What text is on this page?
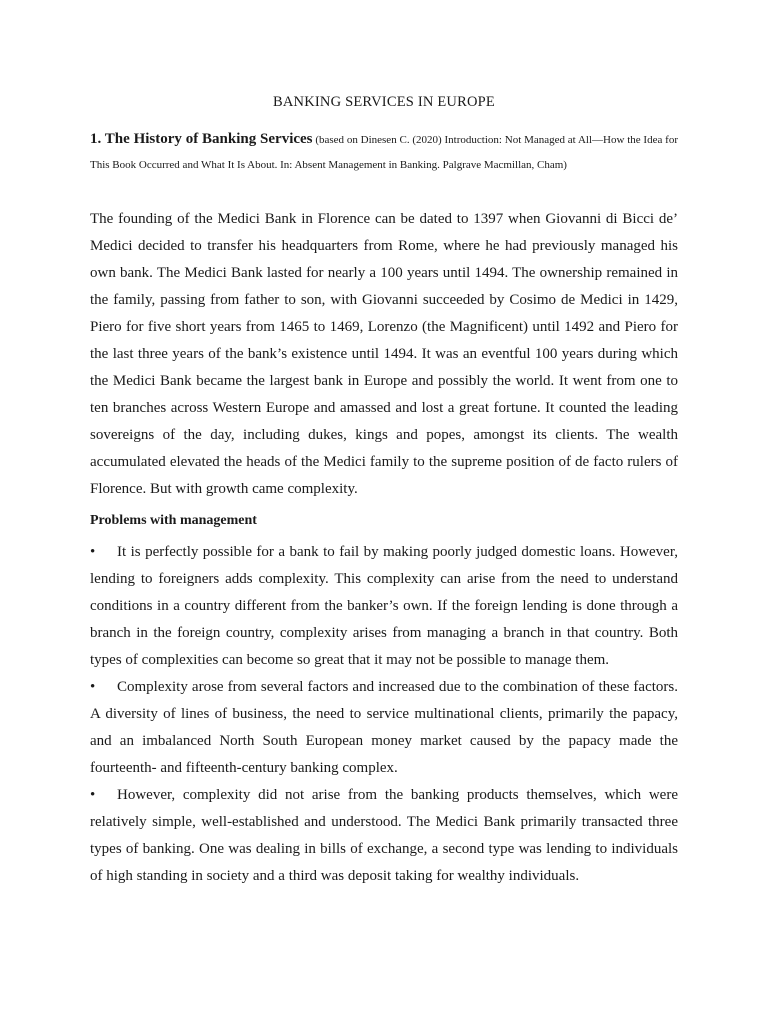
BANKING SERVICES IN EUROPE
1. The History of Banking Services (based on Dinesen C. (2020) Introduction: Not Managed at All—How the Idea for This Book Occurred and What It Is About. In: Absent Management in Banking. Palgrave Macmillan, Cham)

The founding of the Medici Bank in Florence can be dated to 1397 when Giovanni di Bicci de’ Medici decided to transfer his headquarters from Rome, where he had previously managed his own bank. The Medici Bank lasted for nearly a 100 years until 1494. The ownership remained in the family, passing from father to son, with Giovanni succeeded by Cosimo de Medici in 1429, Piero for five short years from 1465 to 1469, Lorenzo (the Magnificent) until 1492 and Piero for the last three years of the bank’s existence until 1494. It was an eventful 100 years during which the Medici Bank became the largest bank in Europe and possibly the world. It went from one to ten branches across Western Europe and amassed and lost a great fortune. It counted the leading sovereigns of the day, including dukes, kings and popes, amongst its clients. The wealth accumulated elevated the heads of the Medici family to the supreme position of de facto rulers of Florence. But with growth came complexity.

Problems with management

• It is perfectly possible for a bank to fail by making poorly judged domestic loans. However, lending to foreigners adds complexity. This complexity can arise from the need to understand conditions in a country different from the banker’s own. If the foreign lending is done through a branch in the foreign country, complexity arises from managing a branch in that country. Both types of complexities can become so great that it may not be possible to manage them.

• Complexity arose from several factors and increased due to the combination of these factors. A diversity of lines of business, the need to service multinational clients, primarily the papacy, and an imbalanced North South European money market caused by the papacy made the fourteenth- and fifteenth-century banking complex.

• However, complexity did not arise from the banking products themselves, which were relatively simple, well-established and understood. The Medici Bank primarily transacted three types of banking. One was dealing in bills of exchange, a second type was lending to individuals of high standing in society and a third was deposit taking for wealthy individuals.
